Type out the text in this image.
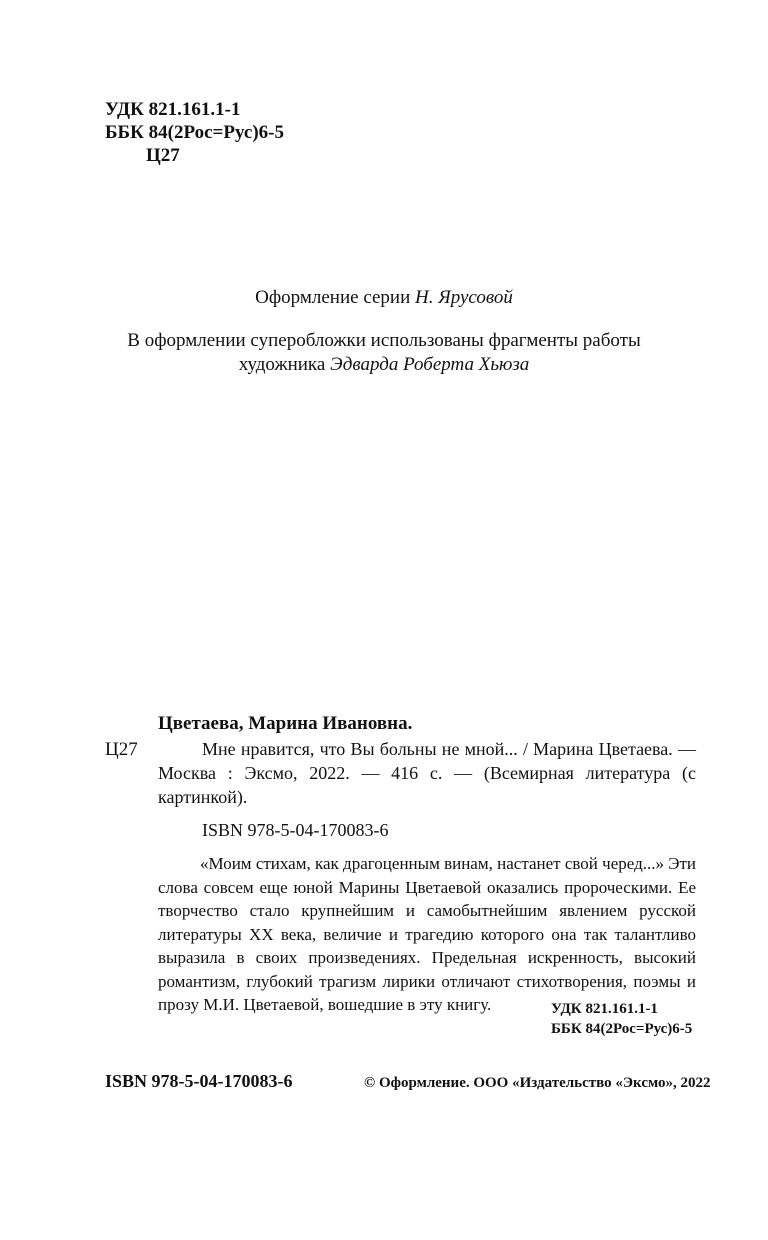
УДК 821.161.1-1
ББК 84(2Рос=Рус)6-5
Ц27
Оформление серии Н. Ярусовой
В оформлении суперобложки использованы фрагменты работы
художника Эдварда Роберта Хьюза
Цветаева, Марина Ивановна.
Ц27	Мне нравится, что Вы больны не мной... / Марина Цветаева. — Москва : Эксмо, 2022. — 416 с. — (Всемирная литература (с картинкой).
ISBN 978-5-04-170083-6
«Моим стихам, как драгоценным винам, настанет свой черед...» Эти слова совсем еще юной Марины Цветаевой оказались пророческими. Ее творчество стало крупнейшим и самобытнейшим явлением русской литературы XX века, величие и трагедию которого она так талантливо выразила в своих произведениях. Предельная искренность, высокий романтизм, глубокий трагизм лирики отличают стихотворения, поэмы и прозу М.И. Цветаевой, вошедшие в эту книгу.	УДК 821.161.1-1
ББК 84(2Рос=Рус)6-5
ISBN 978-5-04-170083-6	© Оформление. ООО «Издательство «Эксмо», 2022
